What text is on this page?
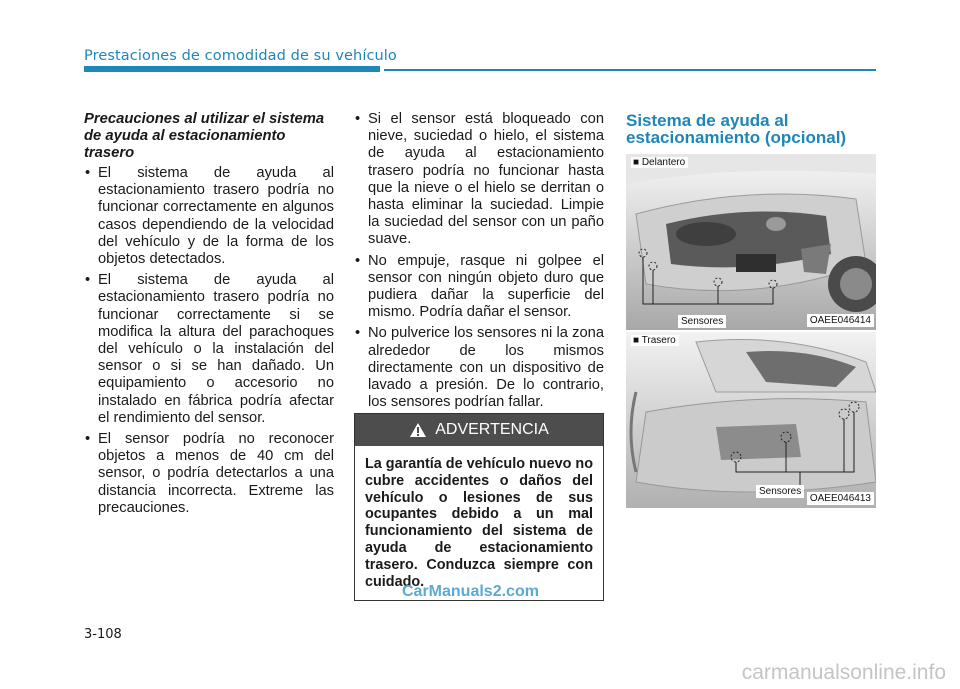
Prestaciones de comodidad de su vehículo
Precauciones al utilizar el sistema de ayuda al estacionamiento trasero
• El sistema de ayuda al estacionamiento trasero podría no funcionar correctamente en algunos casos dependiendo de la velocidad del vehículo y de la forma de los objetos detectados.
• El sistema de ayuda al estacionamiento trasero podría no funcionar correctamente si se modifica la altura del parachoques del vehículo o la instalación del sensor o si se han dañado. Un equipamiento o accesorio no instalado en fábrica podría afectar el rendimiento del sensor.
• El sensor podría no reconocer objetos a menos de 40 cm del sensor, o podría detectarlos a una distancia incorrecta. Extreme las precauciones.
• Si el sensor está bloqueado con nieve, suciedad o hielo, el sistema de ayuda al estacionamiento trasero podría no funcionar hasta que la nieve o el hielo se derritan o hasta eliminar la suciedad. Limpie la suciedad del sensor con un paño suave.
• No empuje, rasque ni golpee el sensor con ningún objeto duro que pudiera dañar la superficie del mismo. Podría dañar el sensor.
• No pulverice los sensores ni la zona alrededor de los mismos directamente con un dispositivo de lavado a presión. De lo contrario, los sensores podrían fallar.
ADVERTENCIA
La garantía de vehículo nuevo no cubre accidentes o daños del vehículo o lesiones de sus ocupantes debido a un mal funcionamiento del sistema de ayuda de estacionamiento trasero. Conduzca siempre con cuidado.
CarManuals2.com
Sistema de ayuda al estacionamiento (opcional)
■ Delantero
Sensores	OAEE046414
■ Trasero
Sensores
OAEE046413
3-108
carmanualsonline.info
